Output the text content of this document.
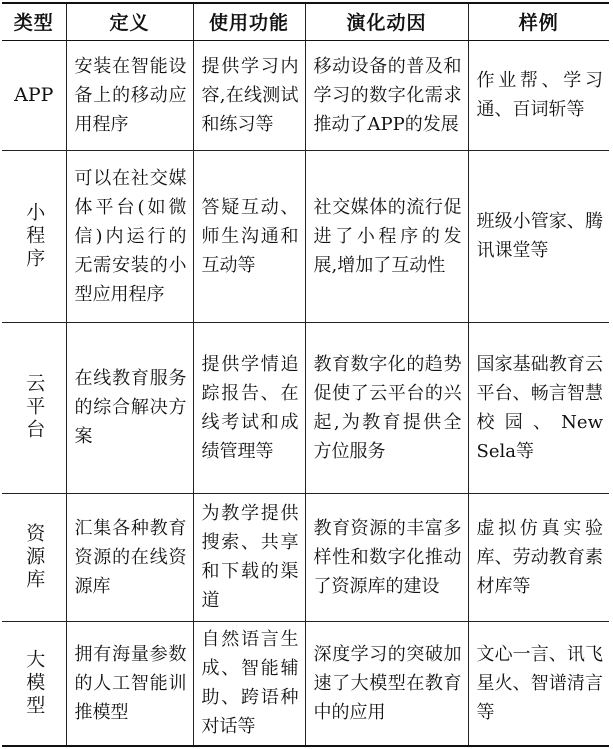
类型	定义	使用功能	演化动因	样例
APP	安装在智能设备上的移动应用程序	提供学习内容,在线测试和练习等	移动设备的普及和学习的数字化需求推动了APP的发展	作业帮、学习通、百词斩等
小程序	可以在社交媒体平台(如微信)内运行的无需安装的小型应用程序	答疑互动、师生沟通和互动等	社交媒体的流行促进了小程序的发展,增加了互动性	班级小管家、腾讯课堂等
云平台	在线教育服务的综合解决方案	提供学情追踪报告、在线考试和成绩管理等	教育数字化的趋势促使了云平台的兴起,为教育提供全方位服务	国家基础教育云平台、畅言智慧校园、New Sela等
资源库	汇集各种教育资源的在线资源库	为教学提供搜索、共享和下载的渠道	教育资源的丰富多样性和数字化推动了资源库的建设	虚拟仿真实验库、劳动教育素材库等
大模型	拥有海量参数的人工智能训推模型	自然语言生成、智能辅助、跨语种对话等	深度学习的突破加速了大模型在教育中的应用	文心一言、讯飞星火、智谱清言等
